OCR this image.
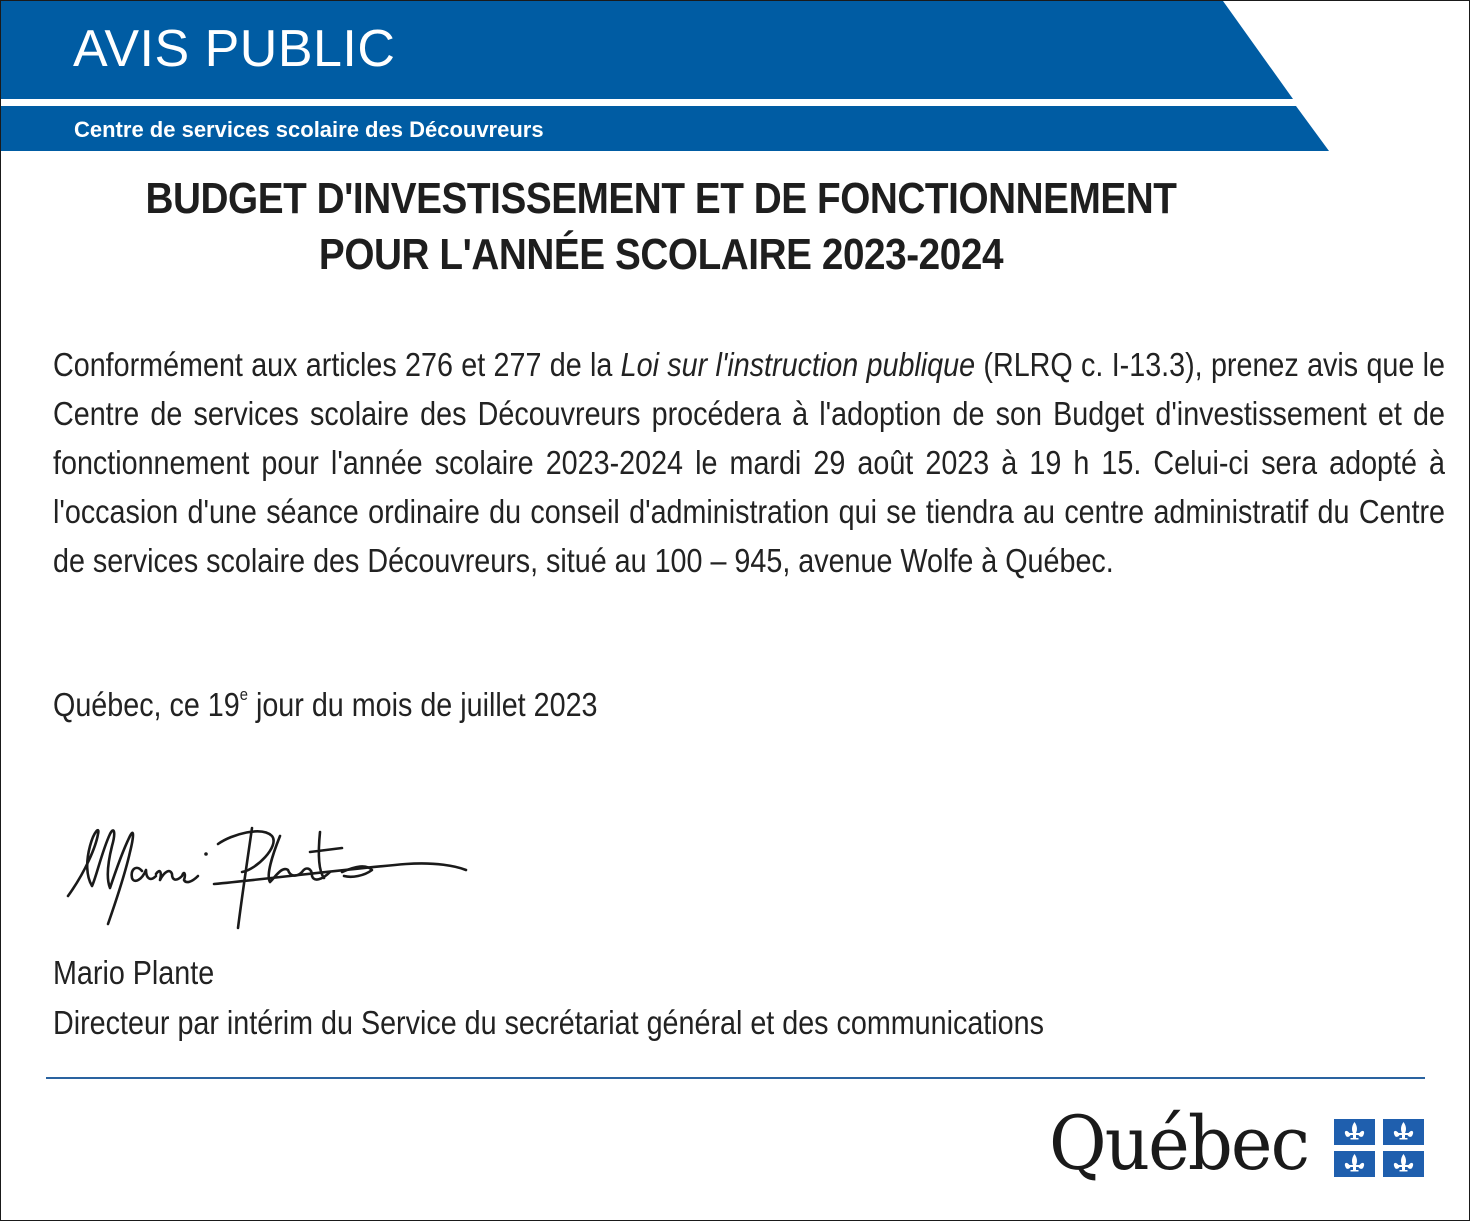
AVIS PUBLIC
Centre de services scolaire des Découvreurs
BUDGET D'INVESTISSEMENT ET DE FONCTIONNEMENT
POUR L'ANNÉE SCOLAIRE 2023-2024

Conformément aux articles 276 et 277 de la Loi sur l'instruction publique (RLRQ c. I-13.3), prenez avis que le Centre de services scolaire des Découvreurs procédera à l'adoption de son Budget d'investissement et de fonctionnement pour l'année scolaire 2023-2024 le mardi 29 août 2023 à 19 h 15. Celui-ci sera adopté à l'occasion d'une séance ordinaire du conseil d'administration qui se tiendra au centre administratif du Centre de services scolaire des Découvreurs, situé au 100 – 945, avenue Wolfe à Québec.

Québec, ce 19e jour du mois de juillet 2023
Mario Plante
Directeur par intérim du Service du secrétariat général et des communications
Québec
